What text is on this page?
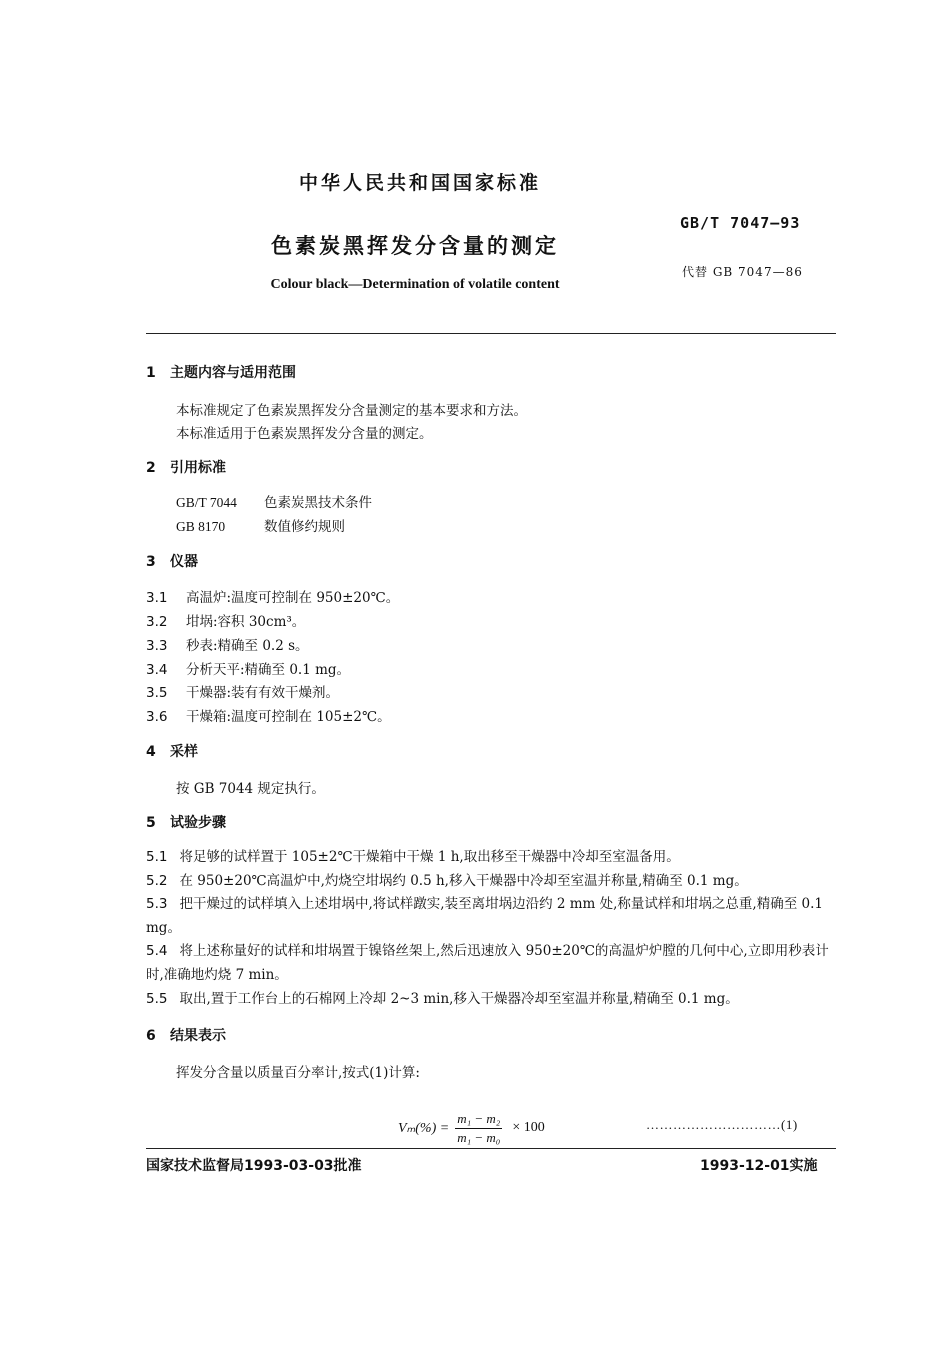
中华人民共和国国家标准
GB/T 7047—93
色素炭黑挥发分含量的测定
代替 GB 7047—86
Colour black—Determination of volatile content
1 主题内容与适用范围
本标准规定了色素炭黑挥发分含量测定的基本要求和方法。
本标准适用于色素炭黑挥发分含量的测定。
2 引用标准
GB/T 7044 色素炭黑技术条件
GB 8170	数值修约规则
3 仪器
3.1 高温炉:温度可控制在 950±20℃。
3.2 坩埚:容积 30cm³。
3.3 秒表:精确至 0.2 s。
3.4 分析天平:精确至 0.1 mg。
3.5 干燥器:装有有效干燥剂。
3.6 干燥箱:温度可控制在 105±2℃。
4 采样
按 GB 7044 规定执行。
5 试验步骤
5.1 将足够的试样置于 105±2℃干燥箱中干燥 1 h,取出移至干燥器中冷却至室温备用。
5.2 在 950±20℃高温炉中,灼烧空坩埚约 0.5 h,移入干燥器中冷却至室温并称量,精确至 0.1 mg。
5.3 把干燥过的试样填入上述坩埚中,将试样蹾实,装至离坩埚边沿约 2 mm 处,称量试样和坩埚之总重,精确至 0.1 mg。
5.4 将上述称量好的试样和坩埚置于镍铬丝架上,然后迅速放入 950±20℃的高温炉炉膛的几何中心,立即用秒表计时,准确地灼烧 7 min。
5.5 取出,置于工作台上的石棉网上冷却 2~3 min,移入干燥器冷却至室温并称量,精确至 0.1 mg。
6 结果表示
挥发分含量以质量百分率计,按式(1)计算:
$V_m(\%) = \frac{\text{m₁ − m₂}}{\text{m₁ − m₀}} \times 100$	…………………………(1)
国家技术监督局1993-03-03批准	1993-12-01实施
